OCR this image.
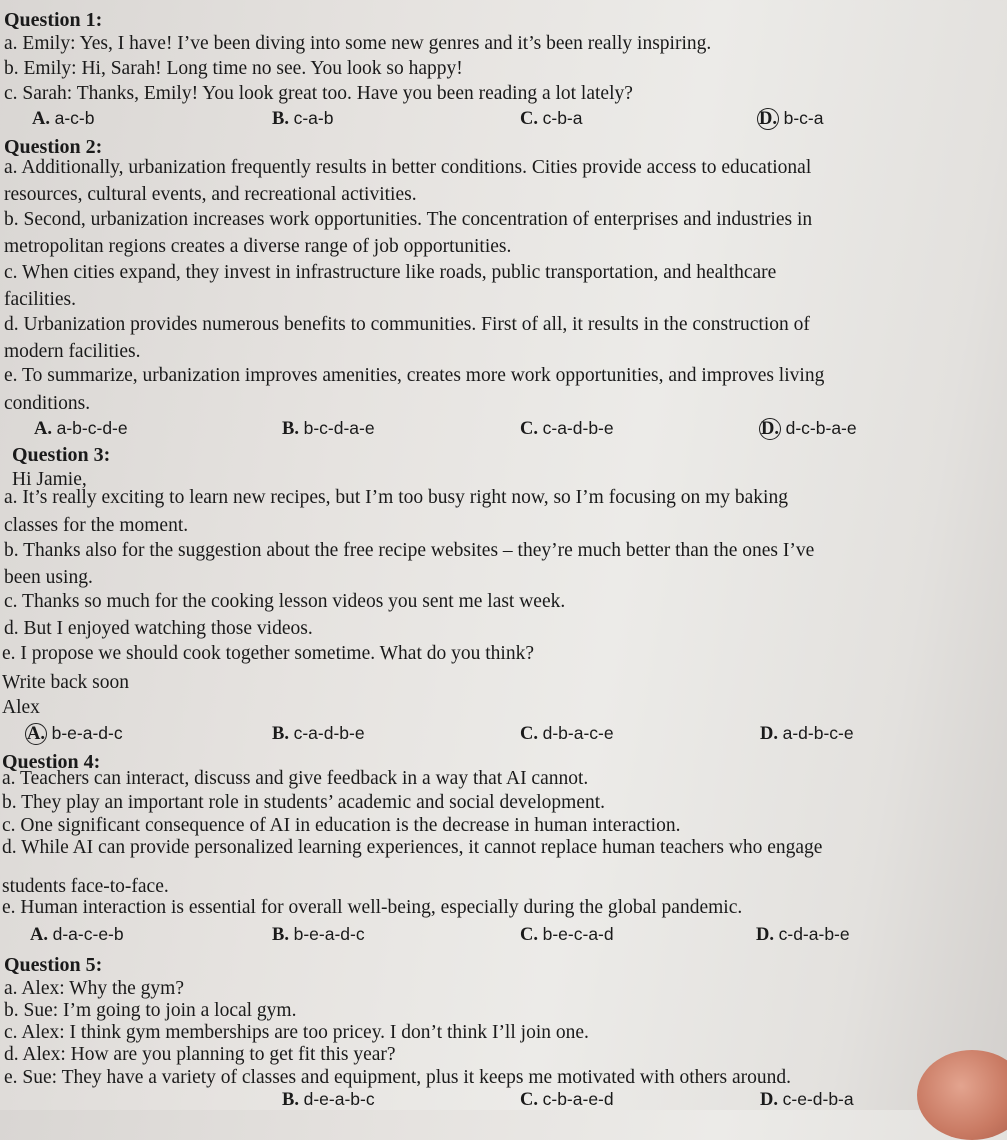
Question 1:
a. Emily: Yes, I have! I’ve been diving into some new genres and it’s been really inspiring.
b. Emily: Hi, Sarah! Long time no see. You look so happy!
c. Sarah: Thanks, Emily! You look great too. Have you been reading a lot lately?
A. a-c-b	B. c-a-b	C. c-b-a	D. b-c-a
Question 2:
a. Additionally, urbanization frequently results in better conditions. Cities provide access to educational
resources, cultural events, and recreational activities.
b. Second, urbanization increases work opportunities. The concentration of enterprises and industries in
metropolitan regions creates a diverse range of job opportunities.
c. When cities expand, they invest in infrastructure like roads, public transportation, and healthcare
facilities.
d. Urbanization provides numerous benefits to communities. First of all, it results in the construction of
modern facilities.
e. To summarize, urbanization improves amenities, creates more work opportunities, and improves living
conditions.
A. a-b-c-d-e	B. b-c-d-a-e	C. c-a-d-b-e	D. d-c-b-a-e
Question 3:
Hi Jamie,
a. It’s really exciting to learn new recipes, but I’m too busy right now, so I’m focusing on my baking
classes for the moment.
b. Thanks also for the suggestion about the free recipe websites – they’re much better than the ones I’ve
been using.
c. Thanks so much for the cooking lesson videos you sent me last week.
d. But I enjoyed watching those videos.
e. I propose we should cook together sometime. What do you think?
Write back soon
Alex
A. b-e-a-d-c	B. c-a-d-b-e	C. d-b-a-c-e	D. a-d-b-c-e
Question 4:
a. Teachers can interact, discuss and give feedback in a way that AI cannot.
b. They play an important role in students’ academic and social development.
c. One significant consequence of AI in education is the decrease in human interaction.
d. While AI can provide personalized learning experiences, it cannot replace human teachers who engage
students face-to-face.
e. Human interaction is essential for overall well-being, especially during the global pandemic.
A. d-a-c-e-b	B. b-e-a-d-c	C. b-e-c-a-d	D. c-d-a-b-e
Question 5:
a. Alex: Why the gym?
b. Sue: I’m going to join a local gym.
c. Alex: I think gym memberships are too pricey. I don’t think I’ll join one.
d. Alex: How are you planning to get fit this year?
e. Sue: They have a variety of classes and equipment, plus it keeps me motivated with others around.
B. d-e-a-b-c	C. c-b-a-e-d	D. c-e-d-b-a
